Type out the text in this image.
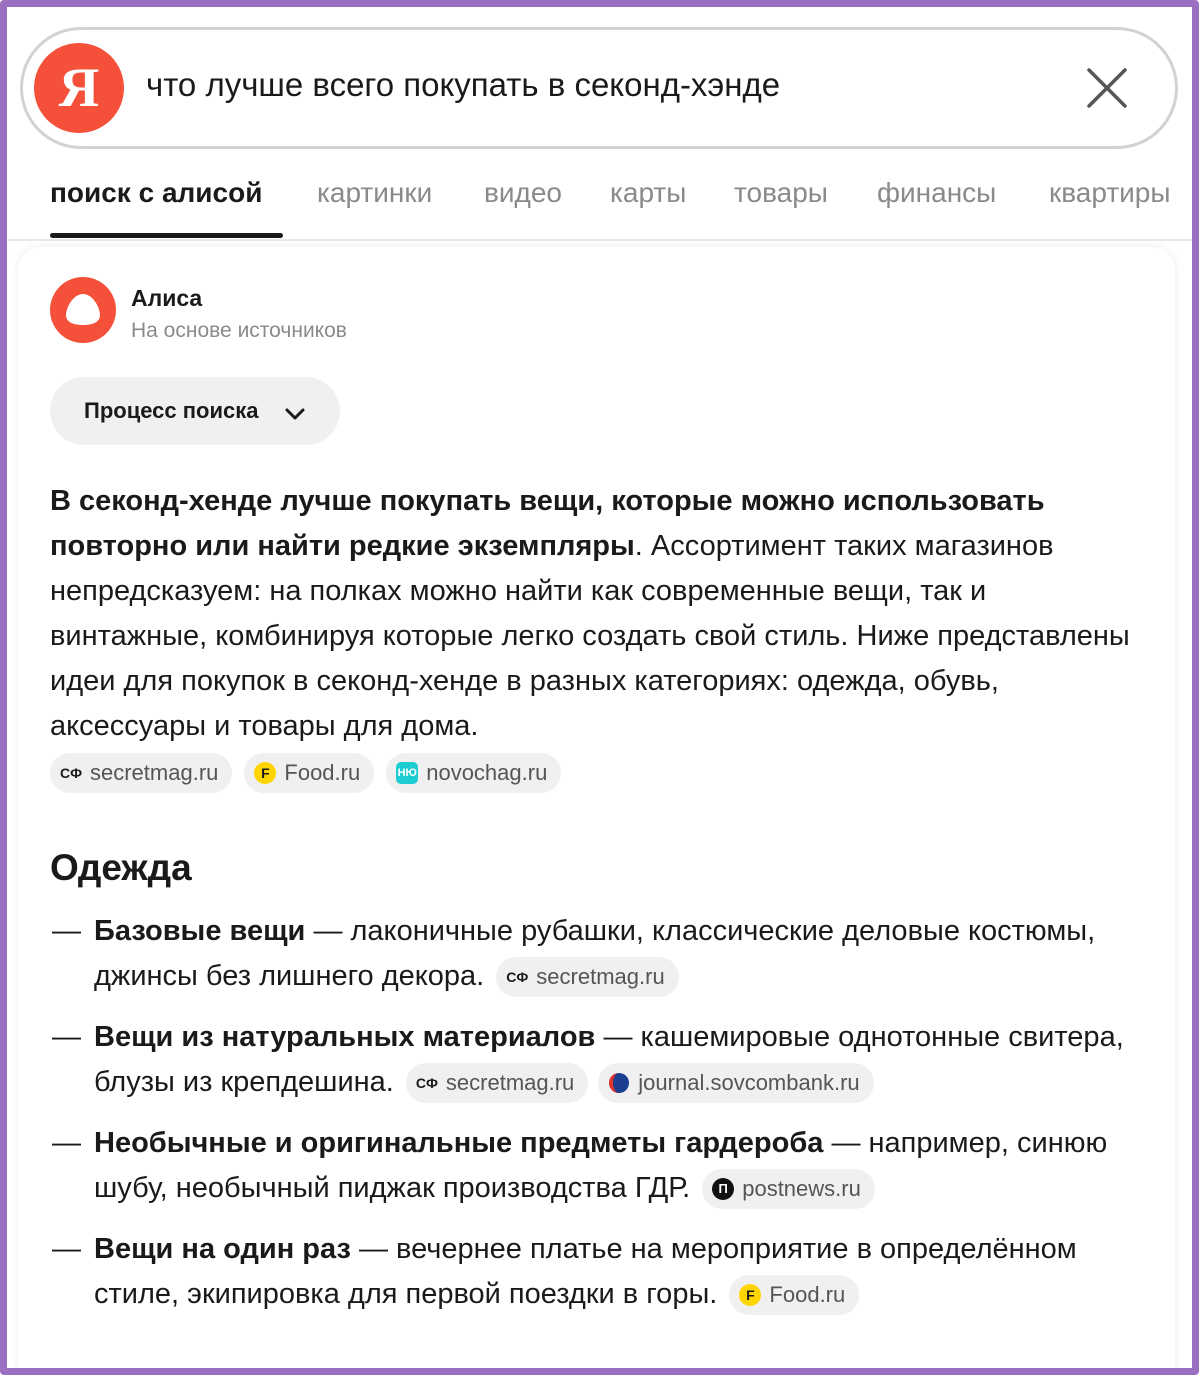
Я	что лучше всего покупать в секонд-хэнде
поиск с алисой картинки видео карты товары финансы квартиры
Алиса
На основе источников
Процесс поиска
В секонд-хенде лучше покупать вещи, которые можно использовать повторно или найти редкие экземпляры. Ассортимент таких магазинов непредсказуем: на полках можно найти как современные вещи, так и винтажные, комбинируя которые легко создать свой стиль. Ниже представлены идеи для покупок в секонд-хенде в разных категориях: одежда, обувь, аксессуары и товары для дома.
СФ secretmag.ru	F Food.ru	НЮ novochag.ru
Одежда
— Базовые вещи — лаконичные рубашки, классические деловые костюмы, джинсы без лишнего декора. СФ secretmag.ru
— Вещи из натуральных материалов — кашемировые однотонные свитера, блузы из крепдешина. СФ secretmag.ru	journal.sovcombank.ru
— Необычные и оригинальные предметы гардероба — например, синюю шубу, необычный пиджак производства ГДР.	П postnews.ru
— Вещи на один раз — вечернее платье на мероприятие в определённом стиле, экипировка для первой поездки в горы.	F Food.ru
